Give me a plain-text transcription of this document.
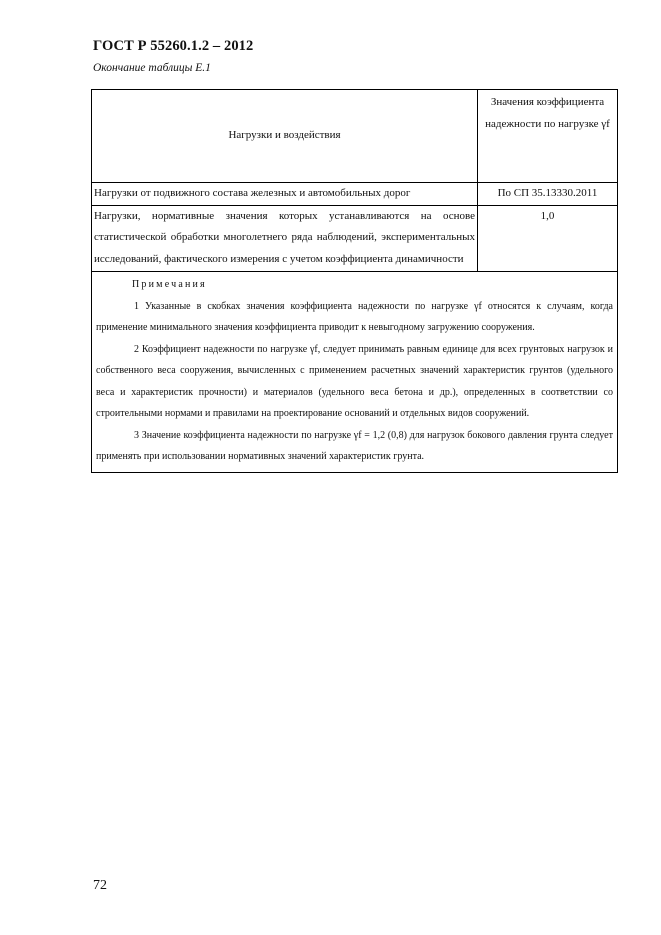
ГОСТ Р 55260.1.2 – 2012
Окончание таблицы Е.1
Нагрузки и воздействия	Значения коэффициента надежности по нагрузке γf
Нагрузки от подвижного состава железных и автомобильных дорог	По СП 35.13330.2011
Нагрузки, нормативные значения которых устанавливаются на основе статистической обработки многолетнего ряда наблюдений, экспериментальных исследований, фактического измерения с учетом коэффициента динамичности	1,0

Примечания
1 Указанные в скобках значения коэффициента надежности по нагрузке γf относятся к случаям, когда применение минимального значения коэффициента приводит к невыгодному загружению сооружения.
2 Коэффициент надежности по нагрузке γf, следует принимать равным единице для всех грунтовых нагрузок и собственного веса сооружения, вычисленных с применением расчетных значений характеристик грунтов (удельного веса и характеристик прочности) и материалов (удельного веса бетона и др.), определенных в соответствии со строительными нормами и правилами на проектирование оснований и отдельных видов сооружений.
3 Значение коэффициента надежности по нагрузке γf = 1,2 (0,8) для нагрузок бокового давления грунта следует применять при использовании нормативных значений характеристик грунта.	
72
